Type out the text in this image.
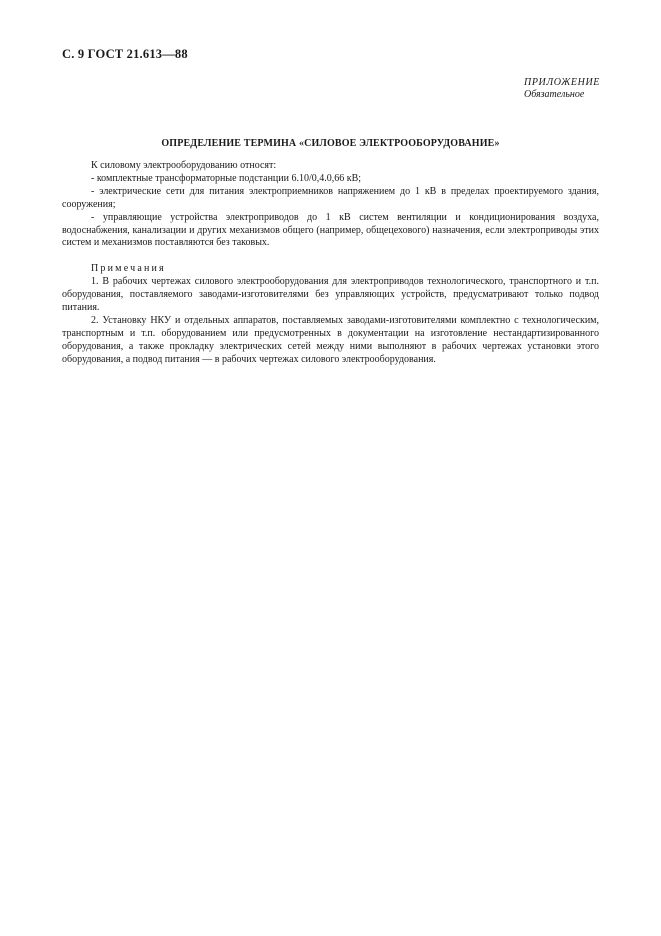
С. 9 ГОСТ 21.613—88
ПРИЛОЖЕНИЕ
Обязательное
ОПРЕДЕЛЕНИЕ ТЕРМИНА «СИЛОВОЕ ЭЛЕКТРООБОРУДОВАНИЕ»

К силовому электрооборудованию относят:

- комплектные трансформаторные подстанции 6.10/0,4.0,66 кВ;

- электрические сети для питания электроприемников напряжением до 1 кВ в пределах проектируемого здания, сооружения;

- управляющие устройства электроприводов до 1 кВ систем вентиляции и кондиционирования воздуха, водоснабжения, канализации и других механизмов общего (например, общецехового) назначения, если электроприводы этих систем и механизмов поставляются без таковых.

Примечания

1. В рабочих чертежах силового электрооборудования для электроприводов технологического, транспортного и т.п. оборудования, поставляемого заводами-изготовителями без управляющих устройств, предусматривают только подвод питания.

2. Установку НКУ и отдельных аппаратов, поставляемых заводами-изготовителями комплектно с технологическим, транспортным и т.п. оборудованием или предусмотренных в документации на изготовление нестандартизированного оборудования, а также прокладку электрических сетей между ними выполняют в рабочих чертежах установки этого оборудования, а подвод питания — в рабочих чертежах силового электрооборудования.
